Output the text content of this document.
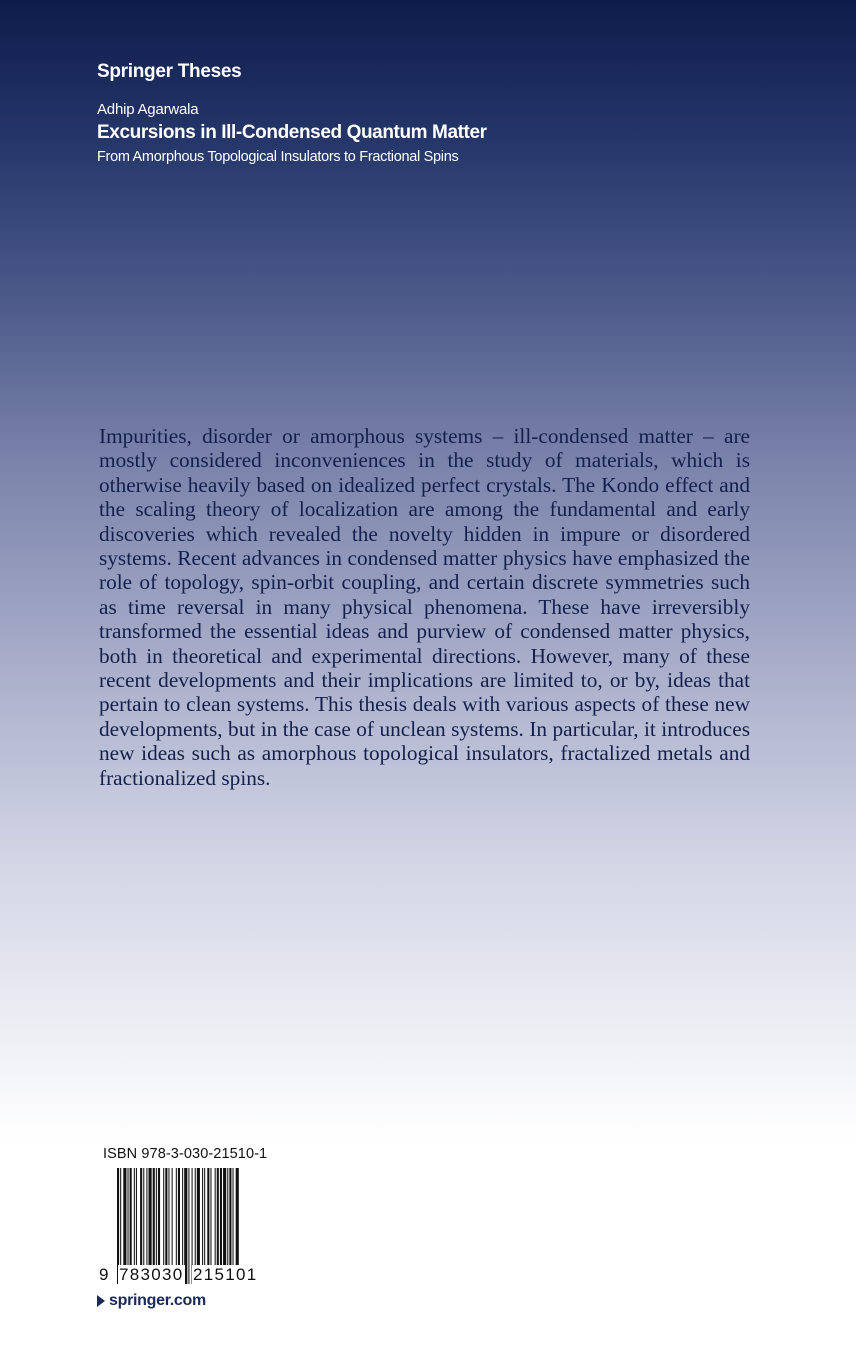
Springer Theses
Adhip Agarwala
Excursions in Ill-Condensed Quantum Matter
From Amorphous Topological Insulators to Fractional Spins

Impurities, disorder or amorphous systems – ill-condensed matter – are mostly considered inconveniences in the study of materials, which is otherwise heavily based on idealized perfect crystals. The Kondo effect and the scaling theory of localization are among the fundamental and early discoveries which revealed the novelty hidden in impure or disordered systems. Recent advances in condensed matter physics have emphasized the role of topology, spin-orbit coupling, and certain discrete symmetries such as time reversal in many physical phenomena. These have irreversibly transformed the essential ideas and purview of condensed matter physics, both in theoretical and experimental directions. However, many of these recent developments and their implications are limited to, or by, ideas that pertain to clean systems. This thesis deals with various aspects of these new developments, but in the case of unclean systems. In particular, it introduces new ideas such as amorphous topological insulators, fractalized metals and fractionalized spins.

ISBN 978-3-030-21510-1
9 783030 215101
springer.com
